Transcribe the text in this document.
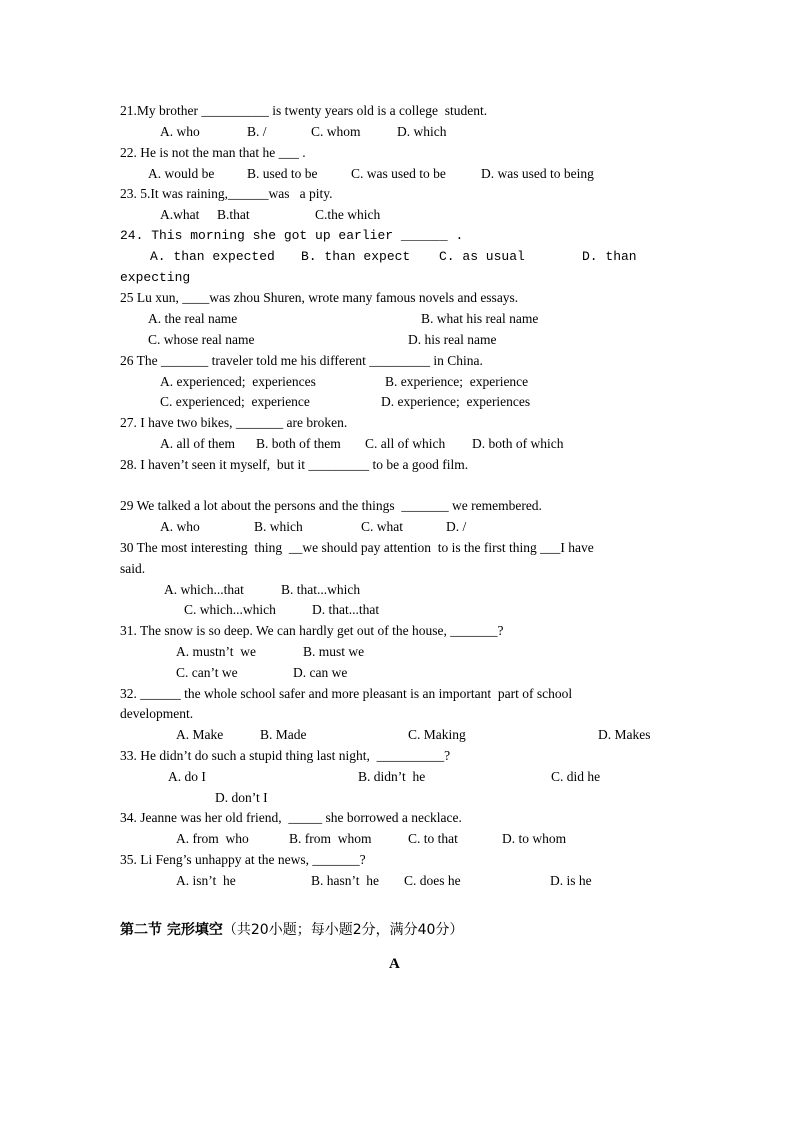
21.My brother __________ is twenty years old is a college  student.
A. who	B. /	C. whom	D. which
22. He is not the man that he ___ .
A. would be B. used to be C. was used to be	D. was used to being
23. 5.It was raining,______was   a pity.
A.what B.that	C.the which
24. This morning she got up earlier ______ .
A. than expected B. than expect C. as usual	D. than
expecting
25 Lu xun, ____was zhou Shuren, wrote many famous novels and essays.
A. the real name	B. what his real name
C. whose real name	D. his real name
26 The _______ traveler told me his different _________ in China.
A. experienced;  experiences	B. experience;  experience
C. experienced;  experience	D. experience;  experiences
27. I have two bikes, _______ are broken.
A. all of them B. both of them C. all of which D. both of which
28. I haven’t seen it myself,  but it _________ to be a good film.
29 We talked a lot about the persons and the things  _______ we remembered.
A. who	B. which	C. what	D. /
30 The most interesting  thing  __we should pay attention  to is the first thing ___I have
said.
A. which...that	B. that...which
C. which...which	D. that...that
31. The snow is so deep. We can hardly get out of the house, _______?
A. mustn’t  we	B. must we
C. can’t we	D. can we
32. ______ the whole school safer and more pleasant is an important  part of school
development.
A. Make	B. Made	C. Making	D. Makes
33. He didn’t do such a stupid thing last night,  __________?
A. do I	B. didn’t  he	C. did he
D. don’t I
34. Jeanne was her old friend,  _____ she borrowed a necklace.
A. from  who	B. from  whom	C. to that	D. to whom
35. Li Feng’s unhappy at the news, _______?
A. isn’t  he	B. hasn’t  he C. does he	D. is he
第二节 完形填空（共20小题；每小题2分，满分40分）
A
